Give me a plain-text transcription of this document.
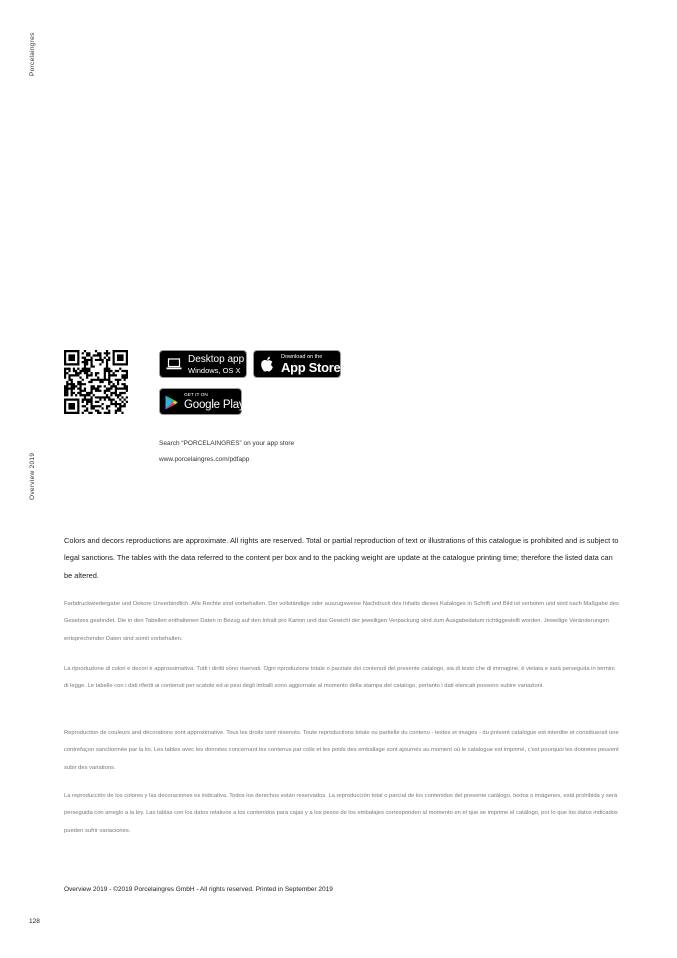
Porcelaingres
Overview 2019
Desktop app
Windows, OS X
Download on the
App Store
GET IT ON
Google Play
Search “PORCELAINGRES” on your app store
www.porcelaingres.com/pdfapp

Colors and decors reproductions are approximate. All rights are reserved. Total or partial reproduction of text or illustrations of this catalogue is prohibited and is subject to legal sanctions. The tables with the data referred to the content per box and to the packing weight are update at the catalogue printing time; therefore the listed data can be altered.

Farbdruckwiedergabe und Dekore Unverbindlich. Alle Rechte sind vorbehalten. Der vollständige oder auszugsweise Nachdruck des Inhalts dieses Kataloges in Schrift und Bild ist verboten und wird nach Maßgabe des Gesetzes geahndet. Die in den Tabellen enthaltenen Daten in Bezug auf den Inhalt pro Karton und das Gewicht der jeweiligen Verpackung sind zum Ausgabedatum richtiggestellt worden. Jeweilige Veränderungen entsprechender Daten sind somit vorbehalten.

La riproduzione di colori e decori è approssimativa. Tutti i diritti sono riservati. Ogni riproduzione totale o parziale dei contenuti del presente catalogo, sia di testo che di immagine, è vietata e sarà perseguita in termini di legge. Le tabelle con i dati riferiti ai contenuti per scatole ed ai pesi degli imballi sono aggiornate al momento della stampa del catalogo, pertanto i dati elencati possono subire variazioni.

Reproduction de couleurs and décorations sont approximative. Tous les droits sont réservés. Toute reproductions totale ou partielle du contenu - textes et images - du présent catalogue est interdite et constituerait une contrefaçon sanctionnée par la loi. Les tables avec les données concernant les contenus par colis et les poids des emballage sont ajournés au moment où le catalogue est imprimé, c'est pourquoi les données peuvent subir des variations.

La reproducción de los colores y las decoraciones es indicativa. Todos los derechos están reservados. La reproducción total o parcial de los contenidos del presente catálogo, textos o imágenes, está prohibida y será perseguida con arreglo a la ley. Las tablas con los datos relativos a los contenidos para cajas y a los pesos de los embalajes corresponden al momento en el que se imprime el catálogo, por lo que los datos indicados pueden sufrir variaciones.

Overview 2019 - ©2019 Porcelaingres GmbH - All rights reserved. Printed in September 2019
128
